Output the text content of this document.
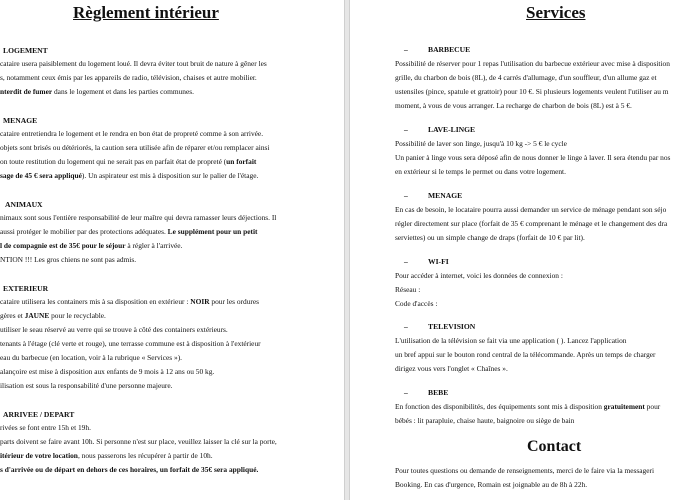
Règlement intérieur
LOGEMENT
cataire usera paisiblement du logement loué. Il devra éviter tout bruit de nature à gêner les
s, notamment ceux émis par les appareils de radio, télévision, chaises et autre mobilier.
nterdit de fumer dans le logement et dans les parties communes.
MENAGE
cataire entretiendra le logement et le rendra en bon état de propreté comme à son arrivée.
objets sont brisés ou détériorés, la caution sera utilisée afin de réparer et/ou remplacer ainsi
on toute restitution du logement qui ne serait pas en parfait état de propreté (un forfait
sage de 45 € sera appliqué). Un aspirateur est mis à disposition sur le palier de l'étage.
ANIMAUX
nimaux sont sous l'entière responsabilité de leur maître qui devra ramasser leurs déjections. Il
aussi protéger le mobilier par des protections adéquates. Le supplément pour un petit
l de compagnie est de 35€ pour le séjour à régler à l'arrivée.
NTION !!! Les gros chiens ne sont pas admis.
EXTERIEUR
cataire utilisera les containers mis à sa disposition en extérieur : NOIR pour les ordures
gères et JAUNE pour le recyclable.
utiliser le seau réservé au verre qui se trouve à côté des containers extérieurs.
tenants à l'étage (clé verte et rouge), une terrasse commune est à disposition à l'extérieur
eau du barbecue (en location, voir à la rubrique « Services »).
alançoire est mise à disposition aux enfants de 9 mois à 12 ans ou 50 kg.
ilisation est sous la responsabilité d'une personne majeure.
ARRIVEE / DEPART
rivées se font entre 15h et 19h.
parts doivent se faire avant 10h. Si personne n'est sur place, veuillez laisser la clé sur la porte,
itérieur de votre location, nous passerons les récupérer à partir de 10h.
s d'arrivée ou de départ en dehors de ces horaires, un forfait de 35€ sera appliqué.
Services
–	BARBECUE
Possibilité de réserver pour 1 repas l'utilisation du barbecue extérieur avec mise à disposition
grille, du charbon de bois (8L), de 4 carrés d'allumage, d'un souffleur, d'un allume gaz et
ustensiles (pince, spatule et grattoir) pour 10 €. Si plusieurs logements veulent l'utiliser au m
moment, à vous de vous arranger. La recharge de charbon de bois (8L) est à 5 €.
–	LAVE-LINGE
Possibilité de laver son linge, jusqu'à 10 kg -> 5 € le cycle
Un panier à linge vous sera déposé afin de nous donner le linge à laver. Il sera étendu par nos
en extérieur si le temps le permet ou dans votre logement.
–	MENAGE
En cas de besoin, le locataire pourra aussi demander un service de ménage pendant son séjo
régler directement sur place (forfait de 35 € comprenant le ménage et le changement des dra
serviettes) ou un simple change de draps (forfait de 10 € par lit).
–	WI-FI
Pour accéder à internet, voici les données de connexion :
Réseau :
Code d'accès :
–	TELEVISION
L'utilisation de la télévision se fait via une application ( ). Lancez l'application
un bref appui sur le bouton rond central de la télécommande. Après un temps de charger
dirigez vous vers l'onglet « Chaînes ».
–	BEBE
En fonction des disponibilités, des équipements sont mis à disposition gratuitement pour
bébés : lit parapluie, chaise haute, baignoire ou siège de bain
Contact
Pour toutes questions ou demande de renseignements, merci de le faire via la messageri
Booking. En cas d'urgence, Romain est joignable au de 8h à 22h.
